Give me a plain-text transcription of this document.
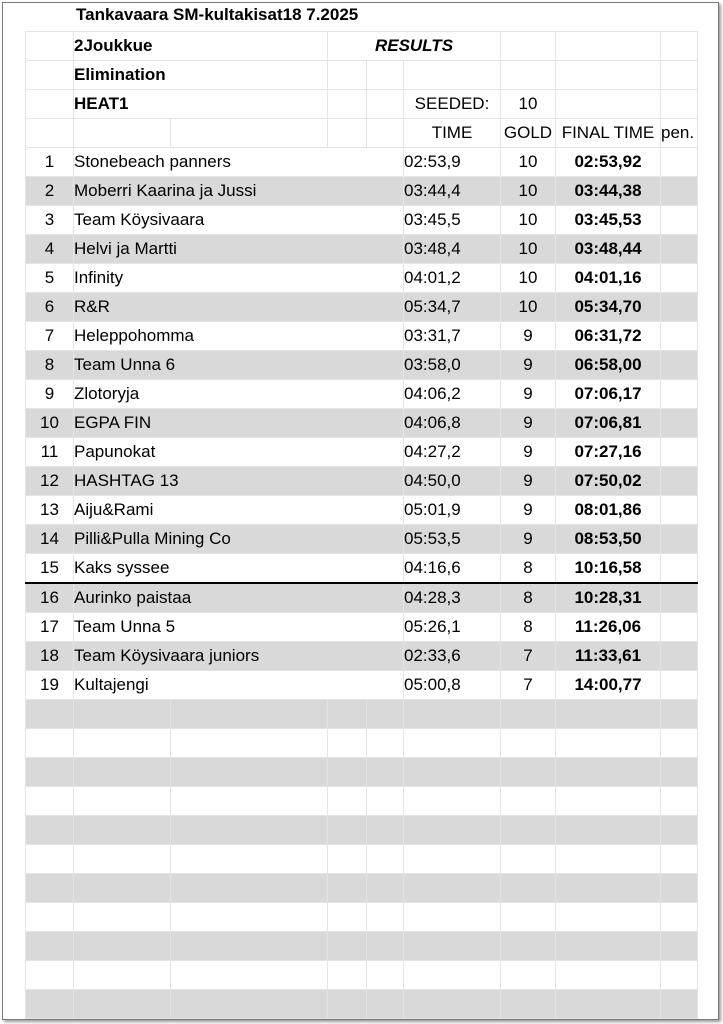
Tankavaara SM-kultakisat18 7.2025
	2Joukkue		RESULTS					
	Elimination							
	HEAT1				SEEDED:	10		
					TIME	GOLD	FINAL TIME	pen.
1	Stonebeach panners				02:53,9	10	02:53,92	
2	Moberri Kaarina ja Jussi				03:44,4	10	03:44,38	
3	Team Köysivaara				03:45,5	10	03:45,53	
4	Helvi ja Martti				03:48,4	10	03:48,44	
5	Infinity				04:01,2	10	04:01,16	
6	R&R				05:34,7	10	05:34,70	
7	Heleppohomma				03:31,7	9	06:31,72	
8	Team Unna 6				03:58,0	9	06:58,00	
9	Zlotoryja				04:06,2	9	07:06,17	
10	EGPA FIN				04:06,8	9	07:06,81	
11	Papunokat				04:27,2	9	07:27,16	
12	HASHTAG 13				04:50,0	9	07:50,02	
13	Aiju&Rami				05:01,9	9	08:01,86	
14	Pilli&Pulla Mining Co				05:53,5	9	08:53,50	
15	Kaks syssee				04:16,6	8	10:16,58	
16	Aurinko paistaa				04:28,3	8	10:28,31	
17	Team Unna 5				05:26,1	8	11:26,06	
18	Team Köysivaara juniors				02:33,6	7	11:33,61	
19	Kultajengi				05:00,8	7	14:00,77	
